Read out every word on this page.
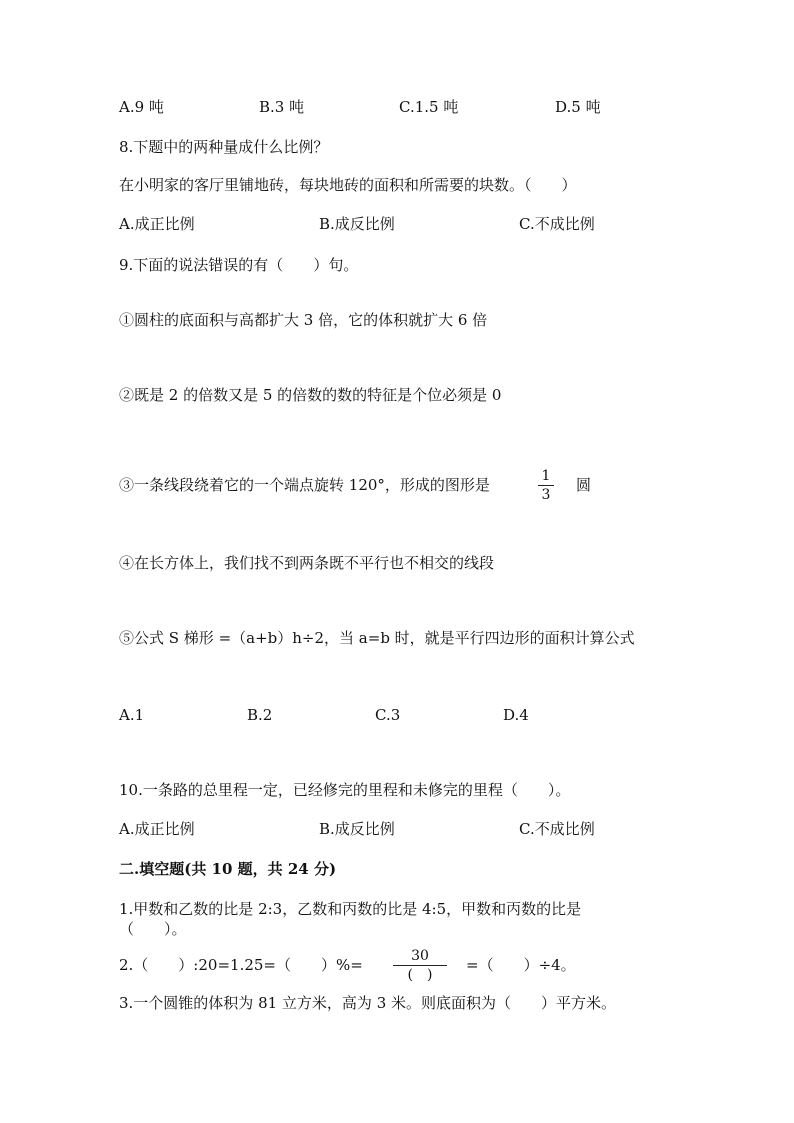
A.9 吨	B.3 吨	C.1.5 吨	D.5 吨
8.下题中的两种量成什么比例？
在小明家的客厅里铺地砖，每块地砖的面积和所需要的块数。（　　）
A.成正比例	B.成反比例	C.不成比例
9.下面的说法错误的有（　　）句。
①圆柱的底面积与高都扩大 3 倍，它的体积就扩大 6 倍
②既是 2 的倍数又是 5 的倍数的数的特征是个位必须是 0
③一条线段绕着它的一个端点旋转 120°，形成的图形是	1
3
圆
④在长方体上，我们找不到两条既不平行也不相交的线段
⑤公式 S 梯形 =（a+b）h÷2，当 a=b 时，就是平行四边形的面积计算公式
A.1	B.2	C.3	D.4
10.一条路的总里程一定，已经修完的里程和未修完的里程（　　）。
A.成正比例	B.成反比例	C.不成比例
二.填空题(共 10 题，共 24 分)
1.甲数和乙数的比是 2:3，乙数和丙数的比是 4:5，甲数和丙数的比是
（　　）。
2.（　　）:20=1.25=（　　）%=	30
(　)
=（　　）÷4。
3.一个圆锥的体积为 81 立方米，高为 3 米。则底面积为（　　）平方米。
